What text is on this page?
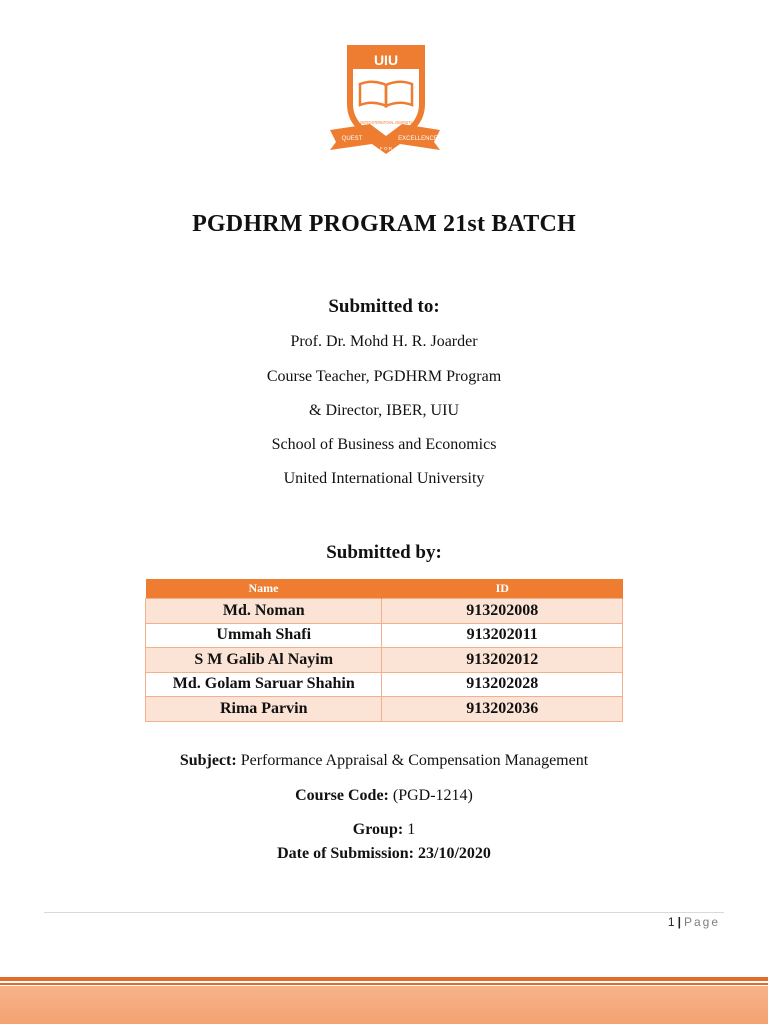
UIU
UNITED INTERNATIONAL UNIVERSITY
QUEST	EXCELLENCE
F O R
PGDHRM PROGRAM 21st BATCH
Submitted to:
Prof. Dr. Mohd H. R. Joarder
Course Teacher, PGDHRM Program
& Director, IBER, UIU
School of Business and Economics
United International University
Submitted by:
Name	ID
Md. Noman	913202008
Ummah Shafi	913202011
S M Galib Al Nayim	913202012
Md. Golam Saruar Shahin	913202028
Rima Parvin	913202036
Subject: Performance Appraisal & Compensation Management
Course Code: (PGD-1214)
Group: 1
Date of Submission: 23/10/2020
1 | Page
